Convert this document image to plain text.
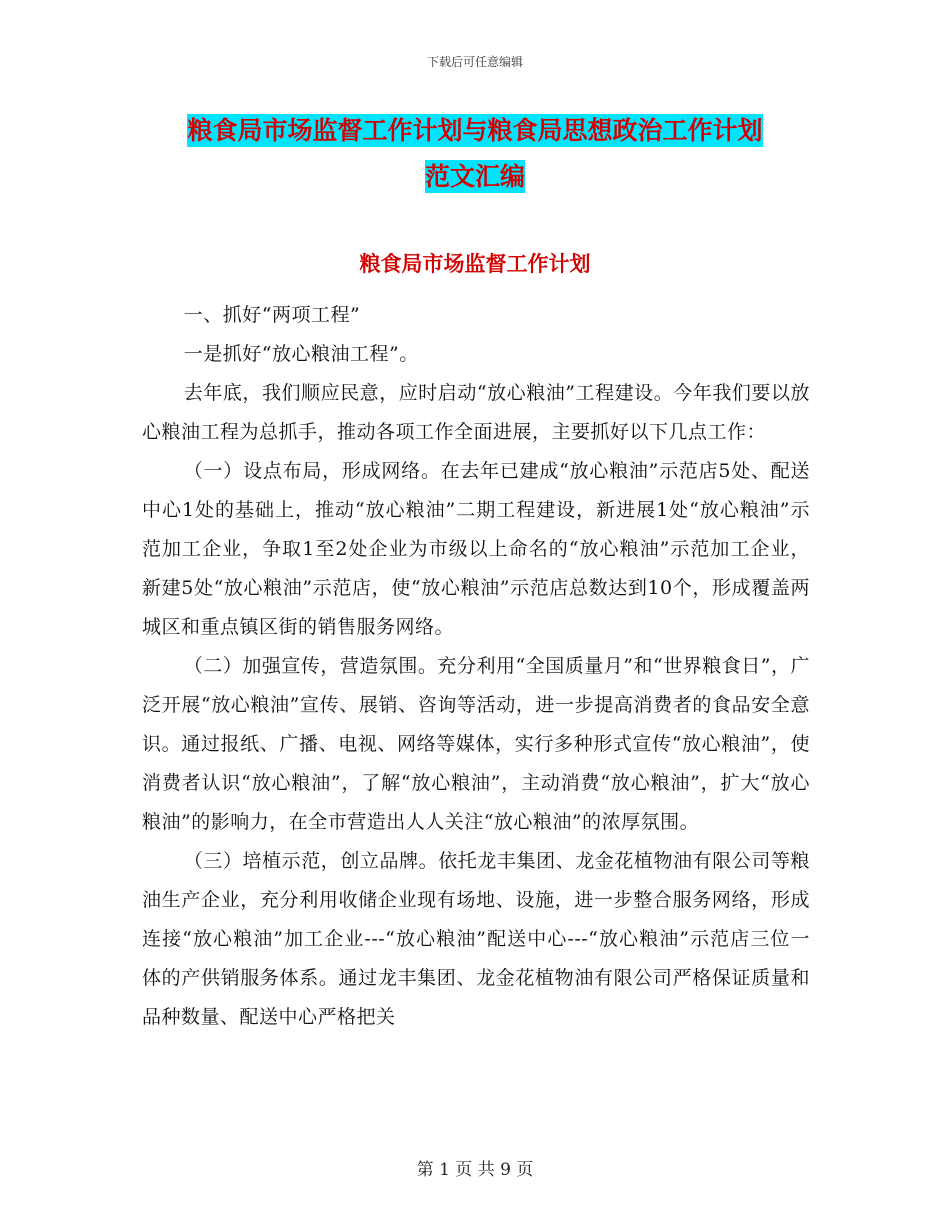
下载后可任意编辑
粮食局市场监督工作计划与粮食局思想政治工作计划
范文汇编
粮食局市场监督工作计划

一、抓好“两项工程”

一是抓好“放心粮油工程”。

去年底，我们顺应民意，应时启动“放心粮油”工程建设。今年我们要以放心粮油工程为总抓手，推动各项工作全面进展，主要抓好以下几点工作：

（一）设点布局，形成网络。在去年已建成“放心粮油”示范店5处、配送中心1处的基础上，推动“放心粮油”二期工程建设，新进展1处“放心粮油”示范加工企业，争取1至2处企业为市级以上命名的“放心粮油”示范加工企业，新建5处“放心粮油”示范店，使“放心粮油”示范店总数达到10个，形成覆盖两城区和重点镇区街的销售服务网络。

（二）加强宣传，营造氛围。充分利用“全国质量月”和“世界粮食日”，广泛开展“放心粮油”宣传、展销、咨询等活动，进一步提高消费者的食品安全意识。通过报纸、广播、电视、网络等媒体，实行多种形式宣传“放心粮油”，使消费者认识“放心粮油”，了解“放心粮油”，主动消费“放心粮油”，扩大“放心粮油”的影响力，在全市营造出人人关注“放心粮油”的浓厚氛围。

（三）培植示范，创立品牌。依托龙丰集团、龙金花植物油有限公司等粮油生产企业，充分利用收储企业现有场地、设施，进一步整合服务网络，形成连接“放心粮油”加工企业---“放心粮油”配送中心---“放心粮油”示范店三位一体的产供销服务体系。通过龙丰集团、龙金花植物油有限公司严格保证质量和品种数量、配送中心严格把关

第 1 页 共 9 页
